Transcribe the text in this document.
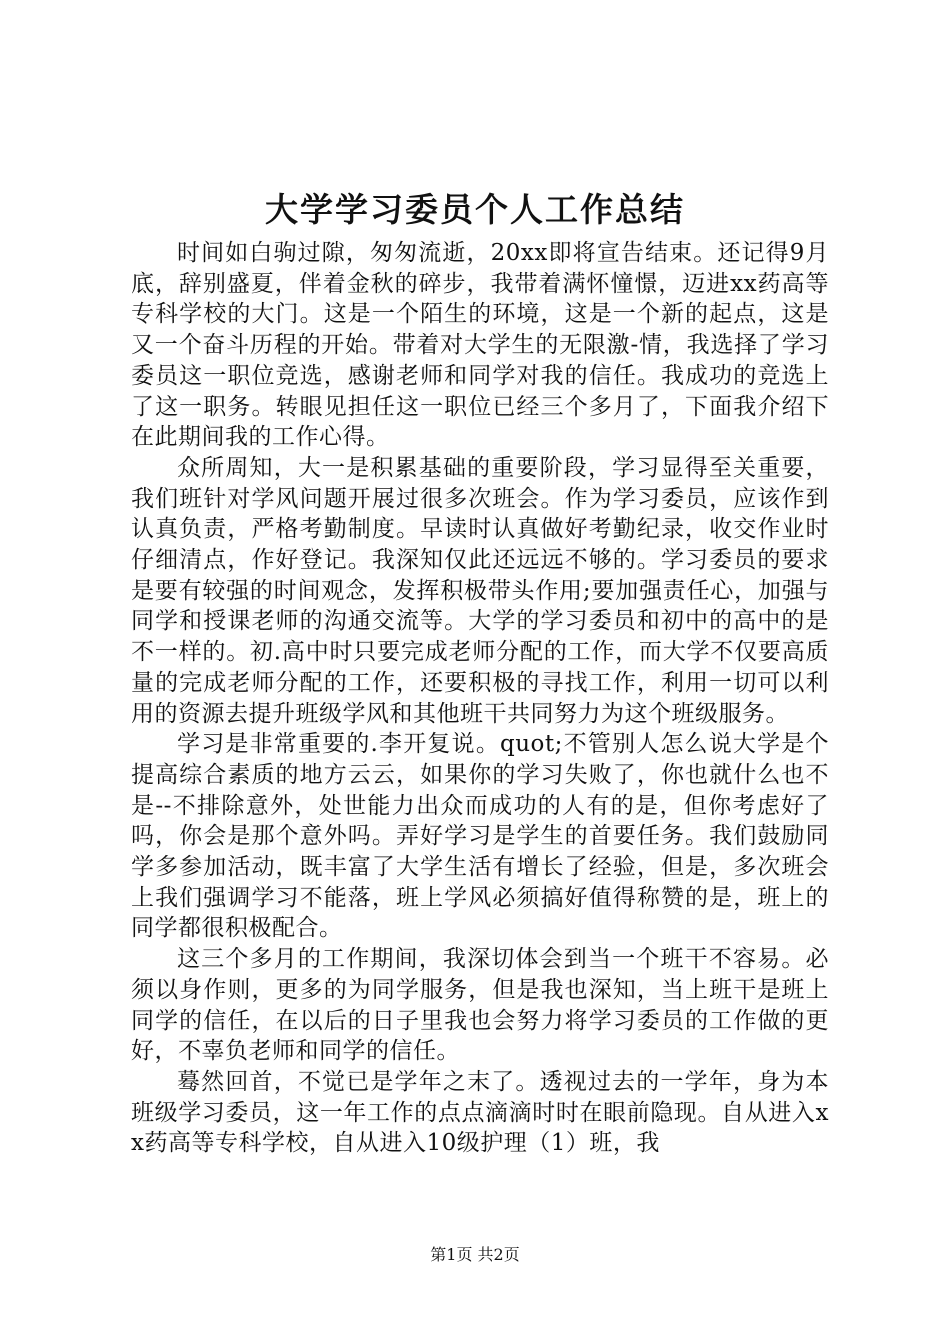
大学学习委员个人工作总结

时间如白驹过隙，匆匆流逝，20xx即将宣告结束。还记得9月底，辞别盛夏，伴着金秋的碎步，我带着满怀憧憬，迈进xx药高等专科学校的大门。这是一个陌生的环境，这是一个新的起点，这是又一个奋斗历程的开始。带着对大学生的无限激-情，我选择了学习委员这一职位竞选，感谢老师和同学对我的信任。我成功的竞选上了这一职务。转眼见担任这一职位已经三个多月了，下面我介绍下在此期间我的工作心得。

众所周知，大一是积累基础的重要阶段，学习显得至关重要，我们班针对学风问题开展过很多次班会。作为学习委员，应该作到认真负责，严格考勤制度。早读时认真做好考勤纪录，收交作业时仔细清点，作好登记。我深知仅此还远远不够的。学习委员的要求是要有较强的时间观念，发挥积极带头作用;要加强责任心，加强与同学和授课老师的沟通交流等。大学的学习委员和初中的高中的是不一样的。初.高中时只要完成老师分配的工作，而大学不仅要高质量的完成老师分配的工作，还要积极的寻找工作，利用一切可以利用的资源去提升班级学风和其他班干共同努力为这个班级服务。

学习是非常重要的.李开复说。quot;不管别人怎么说大学是个提高综合素质的地方云云，如果你的学习失败了，你也就什么也不是--不排除意外，处世能力出众而成功的人有的是，但你考虑好了吗，你会是那个意外吗。弄好学习是学生的首要任务。我们鼓励同学多参加活动，既丰富了大学生活有增长了经验，但是，多次班会上我们强调学习不能落，班上学风必须搞好值得称赞的是，班上的同学都很积极配合。

这三个多月的工作期间，我深切体会到当一个班干不容易。必须以身作则，更多的为同学服务，但是我也深知，当上班干是班上同学的信任，在以后的日子里我也会努力将学习委员的工作做的更好，不辜负老师和同学的信任。

蓦然回首，不觉已是学年之末了。透视过去的一学年，身为本班级学习委员，这一年工作的点点滴滴时时在眼前隐现。自从进入xx药高等专科学校，自从进入10级护理（1）班，我

第1页 共2页
